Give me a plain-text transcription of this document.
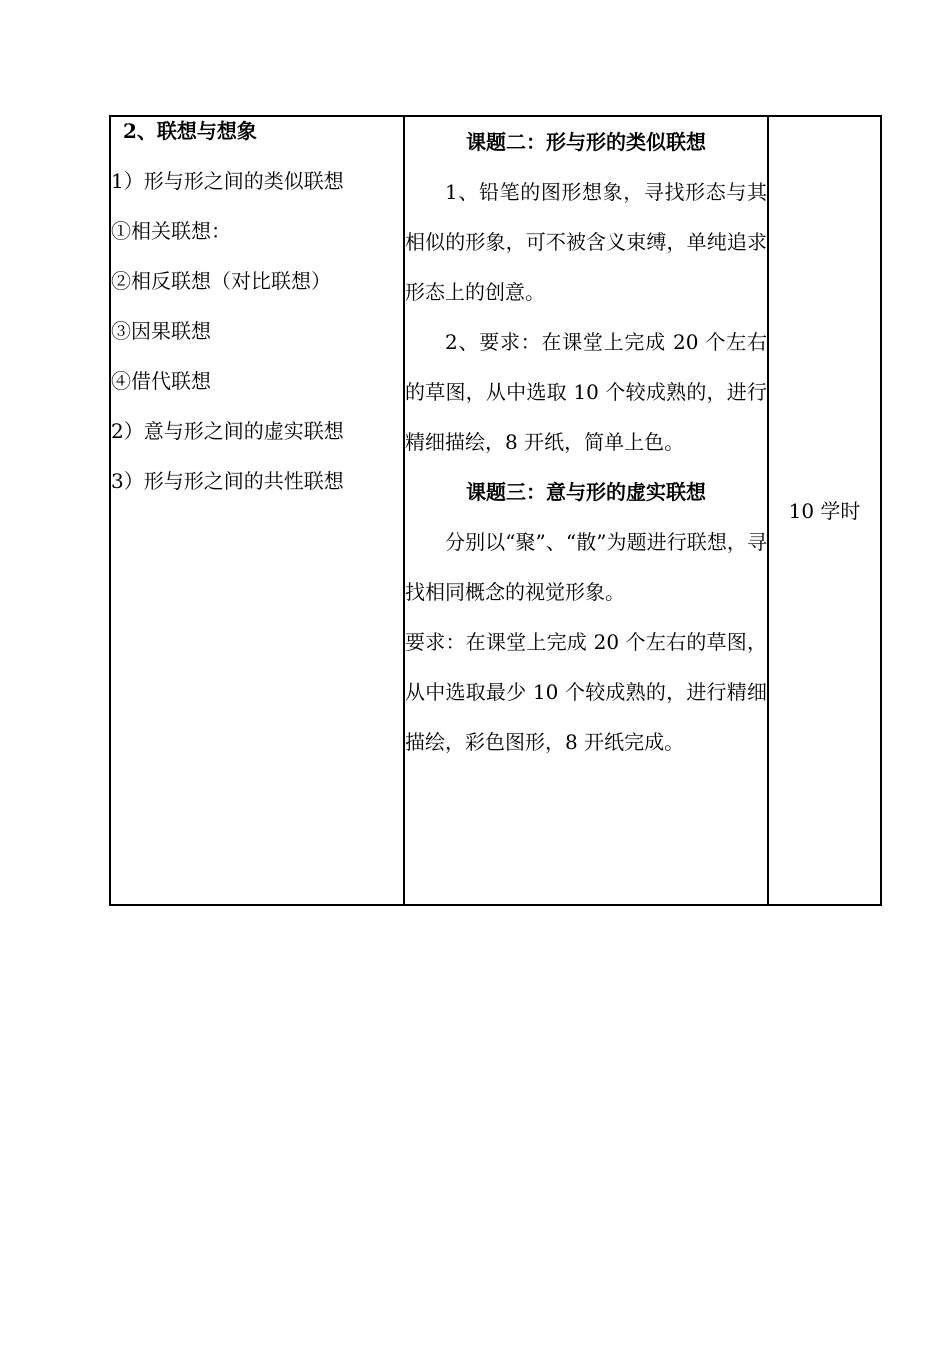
2、联想与想象
1）形与形之间的类似联想
①相关联想：
②相反联想（对比联想）
③因果联想
④借代联想
2）意与形之间的虚实联想
3）形与形之间的共性联想

课题二：形与形的类似联想
1、铅笔的图形想象，寻找形态与其相似的形象，可不被含义束缚，单纯追求形态上的创意。
2、要求：在课堂上完成 20 个左右的草图，从中选取 10 个较成熟的，进行精细描绘，8 开纸，简单上色。
课题三：意与形的虚实联想
分别以“聚”、“散”为题进行联想，寻找相同概念的视觉形象。
要求：在课堂上完成 20 个左右的草图，从中选取最少 10 个较成熟的，进行精细描绘，彩色图形，8 开纸完成。
	10 学时
